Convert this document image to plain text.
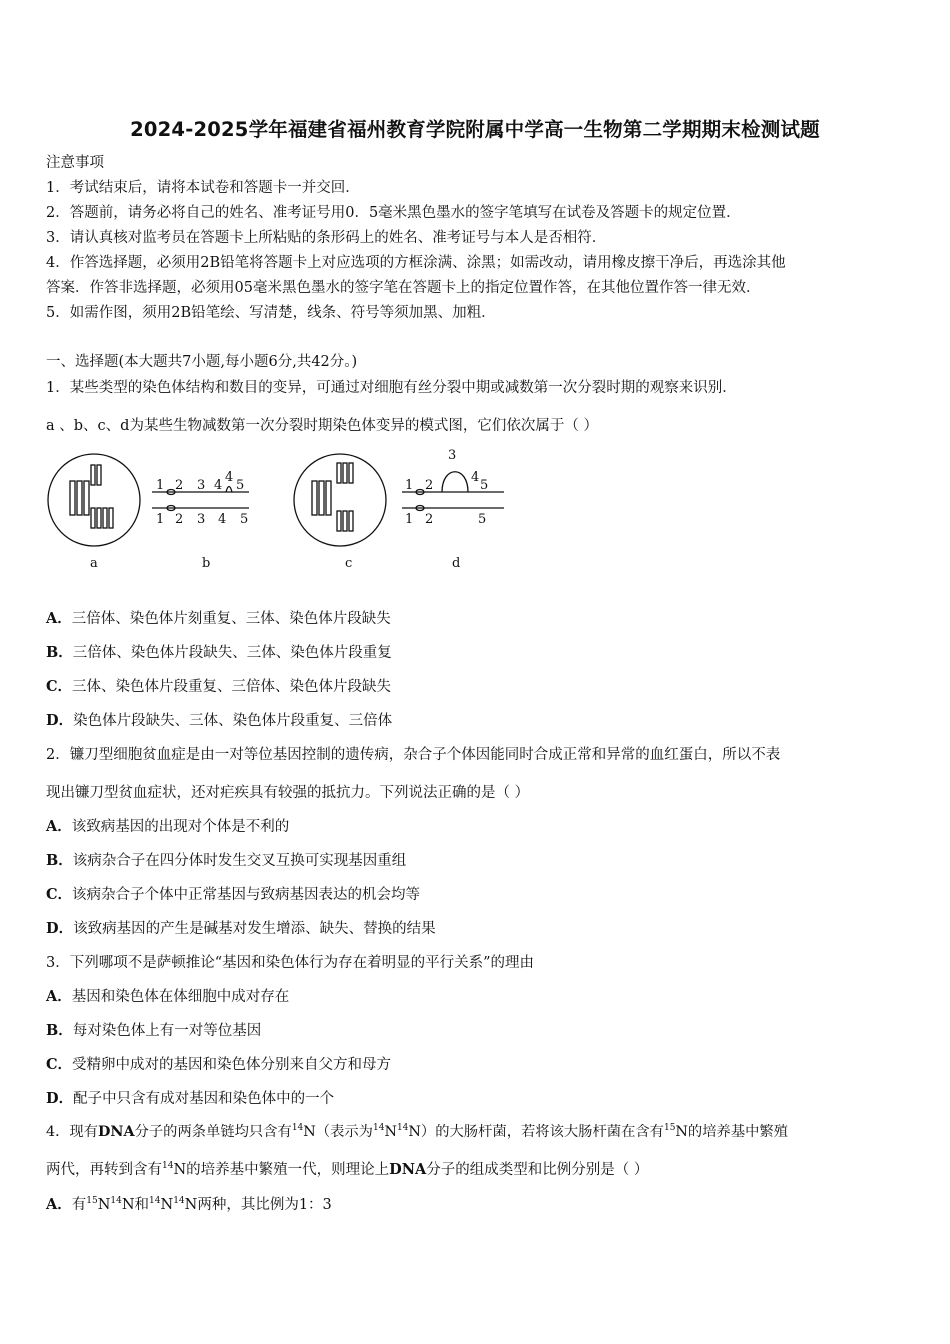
2024-2025学年福建省福州教育学院附属中学高一生物第二学期期末检测试题
注意事项
1．考试结束后，请将本试卷和答题卡一并交回．
2．答题前，请务必将自己的姓名、准考证号用0．5毫米黑色墨水的签字笔填写在试卷及答题卡的规定位置．
3．请认真核对监考员在答题卡上所粘贴的条形码上的姓名、准考证号与本人是否相符．
4．作答选择题，必须用2B铅笔将答题卡上对应选项的方框涂满、涂黑；如需改动，请用橡皮擦干净后，再选涂其他
答案．作答非选择题，必须用05毫米黑色墨水的签字笔在答题卡上的指定位置作答，在其他位置作答一律无效．
5．如需作图，须用2B铅笔绘、写清楚，线条、符号等须加黑、加粗．
一、选择题(本大题共7小题,每小题6分,共42分。)
1．某些类型的染色体结构和数目的变异，可通过对细胞有丝分裂中期或减数第一次分裂时期的观察来识别．
a 、b、c、d为某些生物减数第一次分裂时期染色体变异的模式图，它们依次属于（ ）
1 2 3 4
4
5
1 2 3 4 5
1 2
3
4
5
1 2	5
a	b	c	d
A．三倍体、染色体片刻重复、三体、染色体片段缺失
B．三倍体、染色体片段缺失、三体、染色体片段重复
C．三体、染色体片段重复、三倍体、染色体片段缺失
D．染色体片段缺失、三体、染色体片段重复、三倍体
2．镰刀型细胞贫血症是由一对等位基因控制的遗传病，杂合子个体因能同时合成正常和异常的血红蛋白，所以不表
现出镰刀型贫血症状，还对疟疾具有较强的抵抗力。下列说法正确的是（ ）
A．该致病基因的出现对个体是不利的
B．该病杂合子在四分体时发生交叉互换可实现基因重组
C．该病杂合子个体中正常基因与致病基因表达的机会均等
D．该致病基因的产生是碱基对发生增添、缺失、替换的结果
3．下列哪项不是萨顿推论“基因和染色体行为存在着明显的平行关系”的理由
A．基因和染色体在体细胞中成对存在
B．每对染色体上有一对等位基因
C．受精卵中成对的基因和染色体分别来自父方和母方
D．配子中只含有成对基因和染色体中的一个
4．现有DNA分子的两条单链均只含有$^{14}$N（表示为$^{14}N^{14}N$）的大肠杆菌，若将该大肠杆菌在含有$^{15}$N的培养基中繁殖
两代，再转到含有$^{14}$N的培养基中繁殖一代，则理论上DNA分子的组成类型和比例分别是（ ）
A．有$^{15}N^{14}N$和$^{14}N^{14}N$两种，其比例为1：3
